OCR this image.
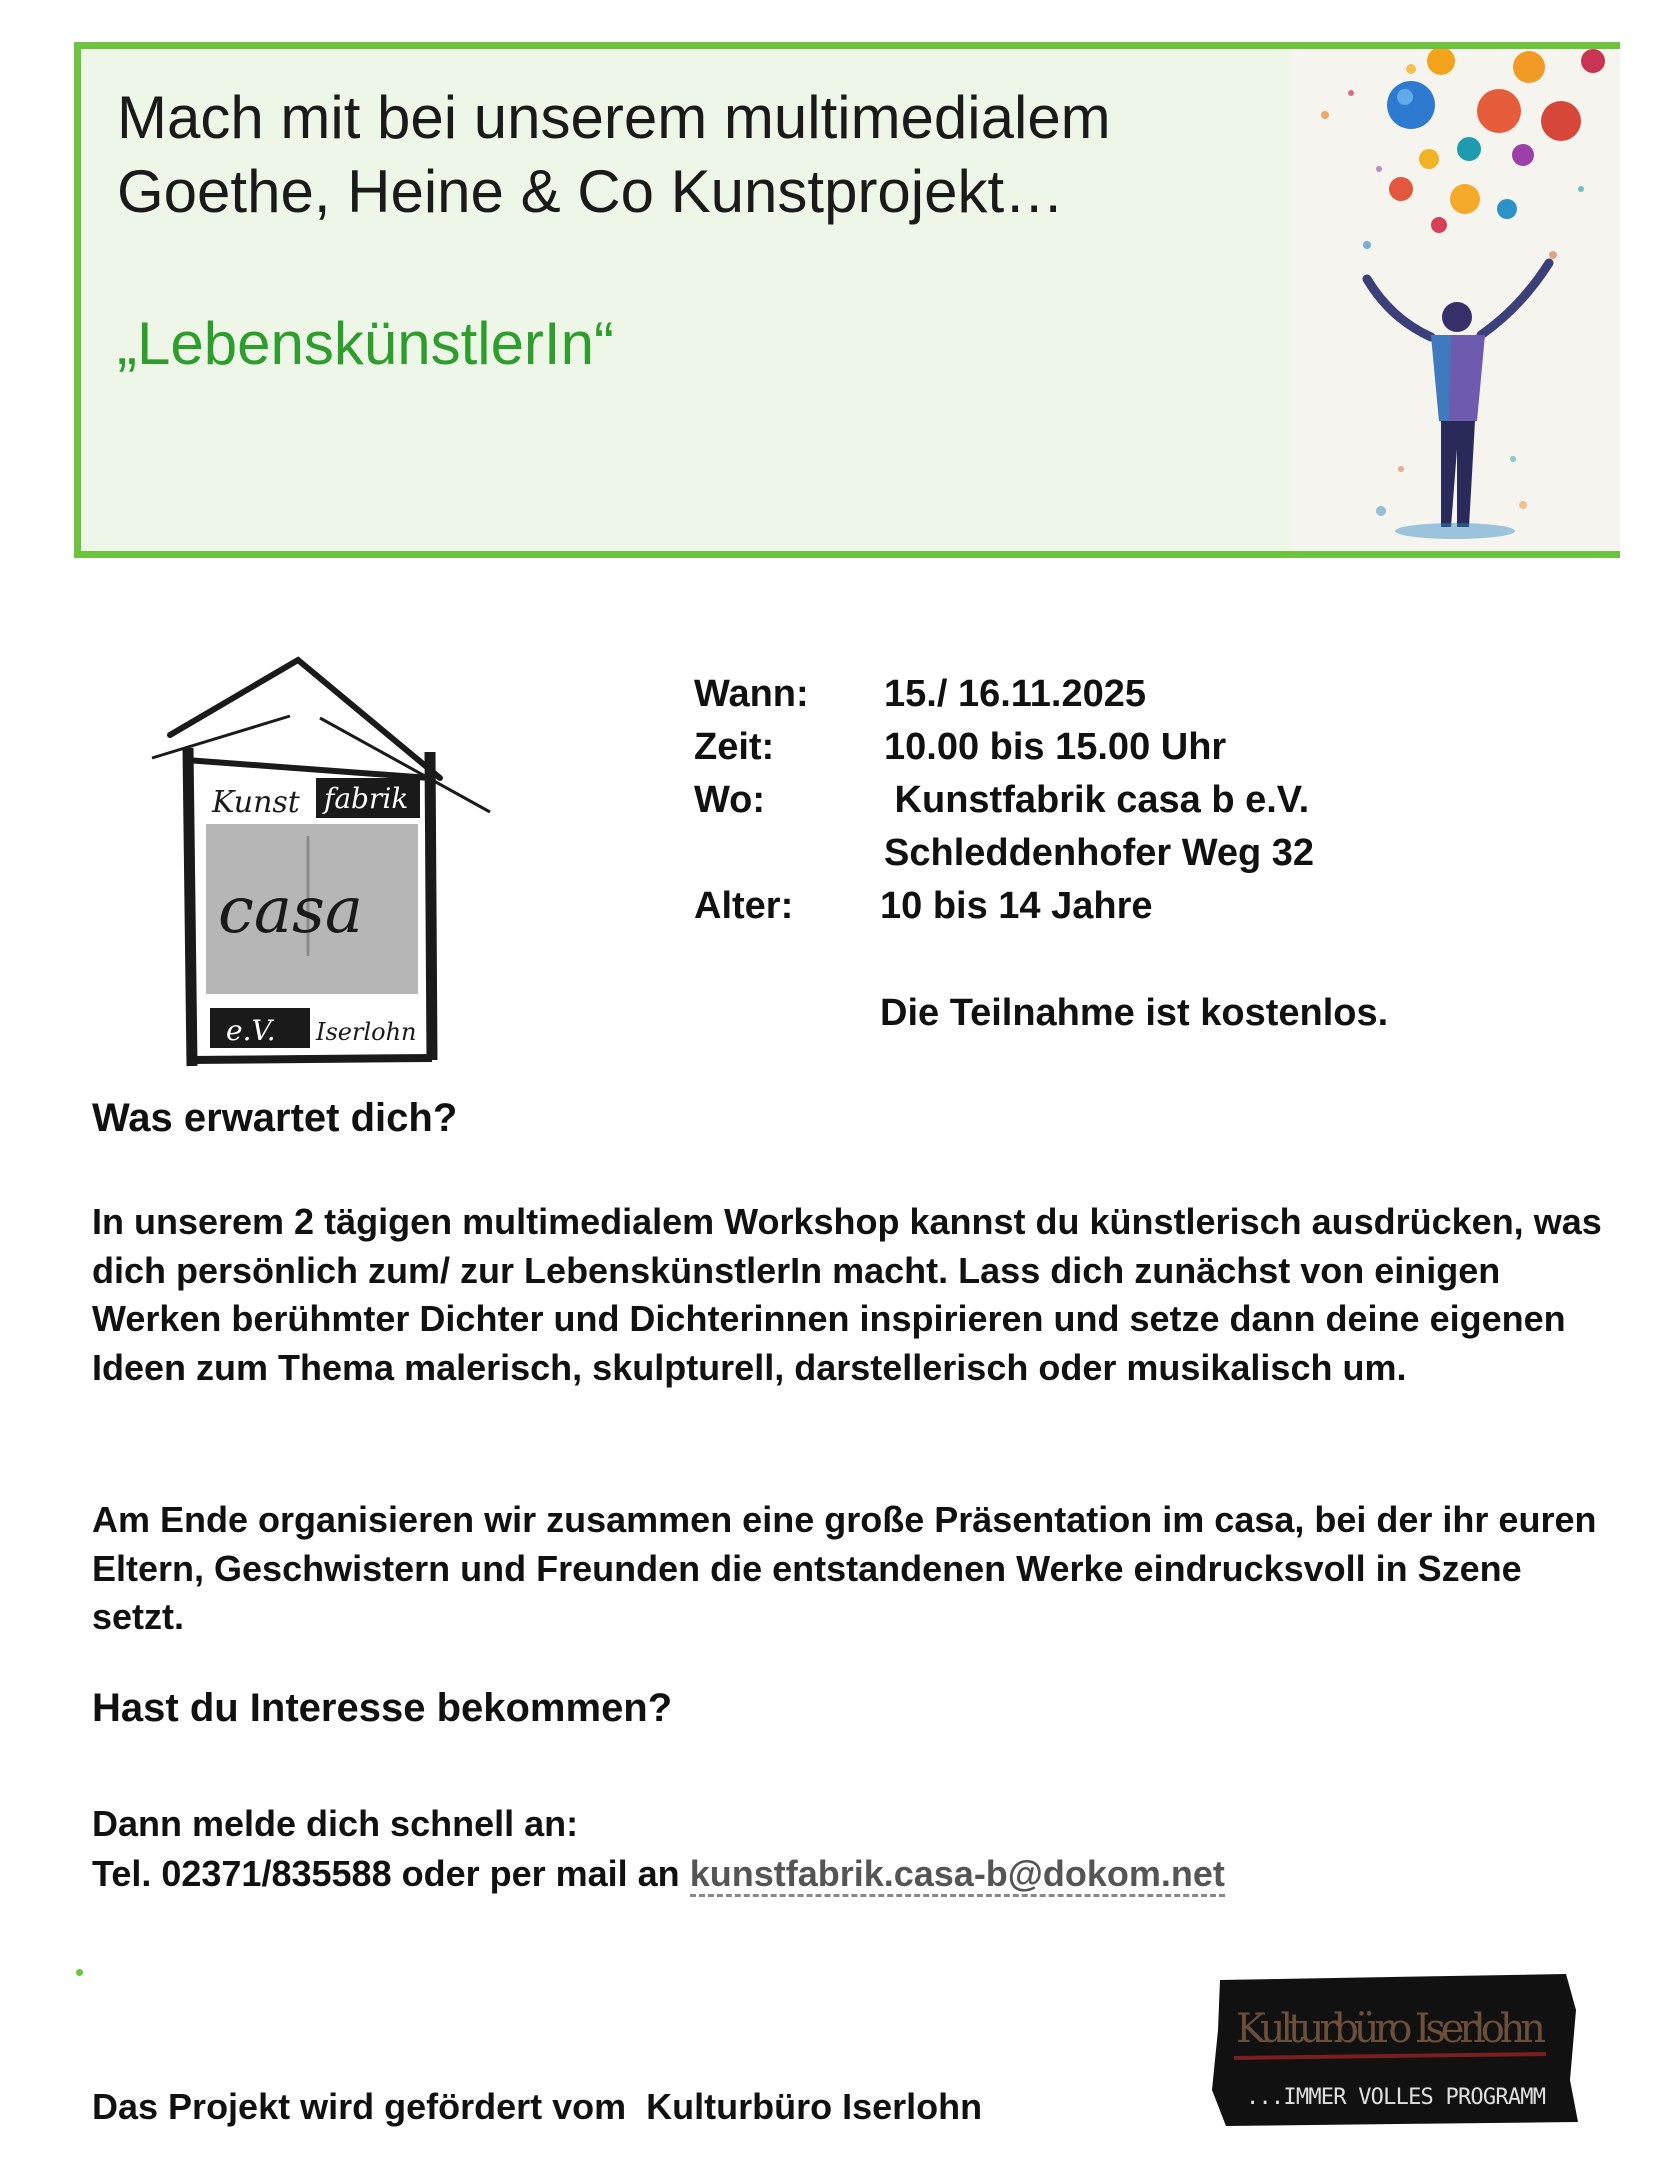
Mach mit bei unserem multimedialem
Goethe, Heine & Co Kunstprojekt…
„LebenskünstlerIn“
Kunst fabrik
casa
e.V. Iserlohn
Wann: 15./ 16.11.2025
Zeit:	10.00 bis 15.00 Uhr
Wo:	Kunstfabrik casa b e.V.
Schleddenhofer Weg 32
Alter: 10 bis 14 Jahre
Die Teilnahme ist kostenlos.
Was erwartet dich?

In unserem 2 tägigen multimedialem Workshop kannst du künstlerisch ausdrücken, was dich persönlich zum/ zur LebenskünstlerIn macht. Lass dich zunächst von einigen Werken berühmter Dichter und Dichterinnen inspirieren und setze dann deine eigenen Ideen zum Thema malerisch, skulpturell, darstellerisch oder musikalisch um.

Am Ende organisieren wir zusammen eine große Präsentation im casa, bei der ihr euren Eltern, Geschwistern und Freunden die entstandenen Werke eindrucksvoll in Szene setzt.

Hast du Interesse bekommen?

Dann melde dich schnell an:

Tel. 02371/835588 oder per mail an kunstfabrik.casa-b@dokom.net

Kulturbüro Iserlohn
...IMMER VOLLES PROGRAMM
Das Projekt wird gefördert vom  Kulturbüro Iserlohn
